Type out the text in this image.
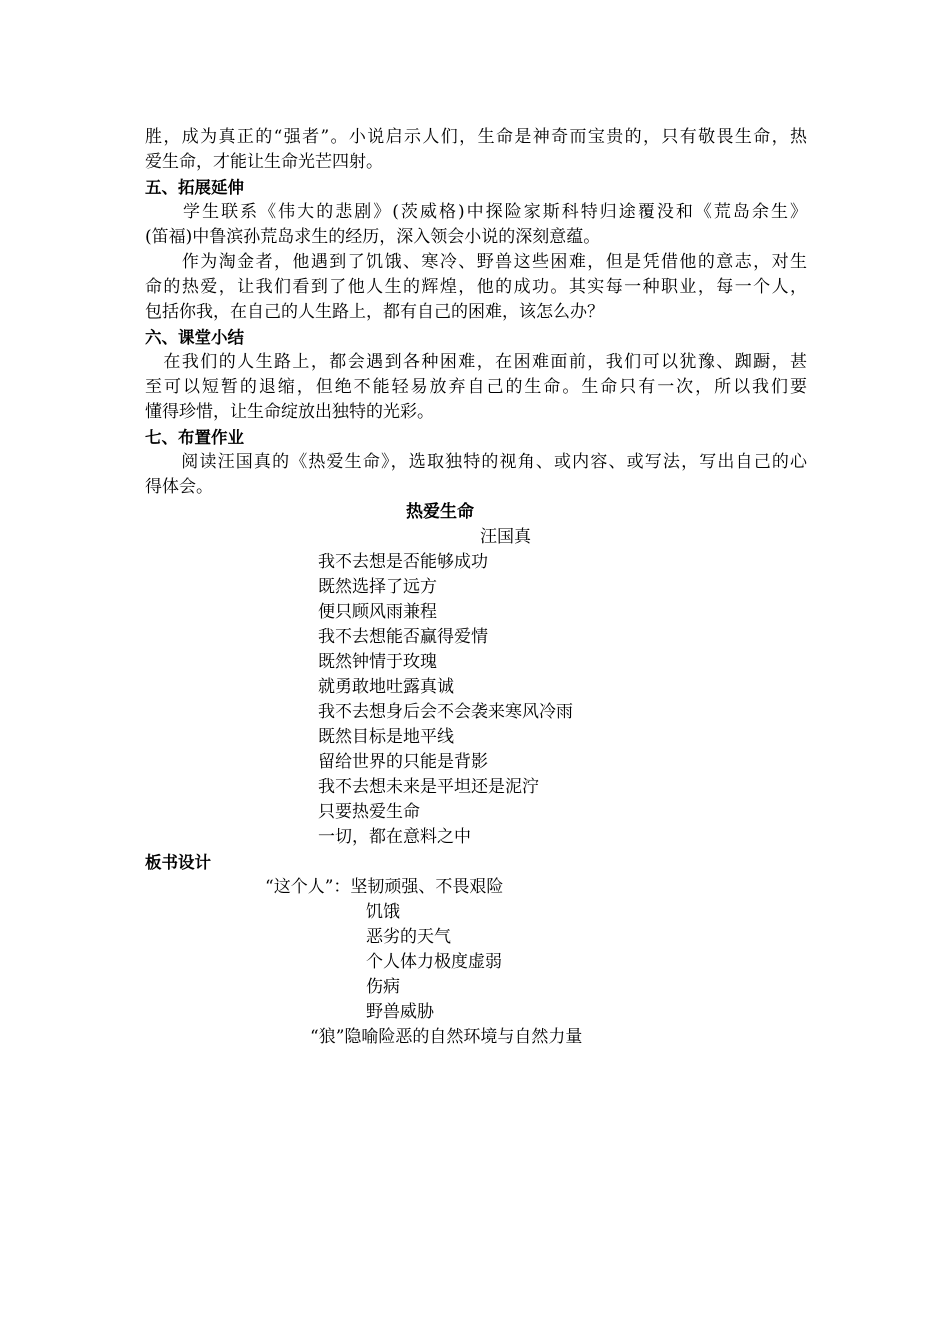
胜，成为真正的“强者”。小说启示人们，生命是神奇而宝贵的，只有敬畏生命，热
爱生命，才能让生命光芒四射。
五、拓展延伸
　　学生联系《伟大的悲剧》(茨威格)中探险家斯科特归途覆没和《荒岛余生》
(笛福)中鲁滨孙荒岛求生的经历，深入领会小说的深刻意蕴。
　　作为淘金者，他遇到了饥饿、寒冷、野兽这些困难，但是凭借他的意志，对生
命的热爱，让我们看到了他人生的辉煌，他的成功。其实每一种职业，每一个人，
包括你我，在自己的人生路上，都有自己的困难，该怎么办？
六、课堂小结
　在我们的人生路上，都会遇到各种困难，在困难面前，我们可以犹豫、踟蹰，甚
至可以短暂的退缩，但绝不能轻易放弃自己的生命。生命只有一次，所以我们要
懂得珍惜，让生命绽放出独特的光彩。
七、布置作业
　　阅读汪国真的《热爱生命》，选取独特的视角、或内容、或写法，写出自己的心
得体会。
热爱生命
汪国真
我不去想是否能够成功
既然选择了远方
便只顾风雨兼程
我不去想能否赢得爱情
既然钟情于玫瑰
就勇敢地吐露真诚
我不去想身后会不会袭来寒风冷雨
既然目标是地平线
留给世界的只能是背影
我不去想未来是平坦还是泥泞
只要热爱生命
一切，都在意料之中
板书设计
“这个人”：坚韧顽强、不畏艰险
饥饿
恶劣的天气
个人体力极度虚弱
伤病
野兽威胁
“狼”隐喻险恶的自然环境与自然力量
